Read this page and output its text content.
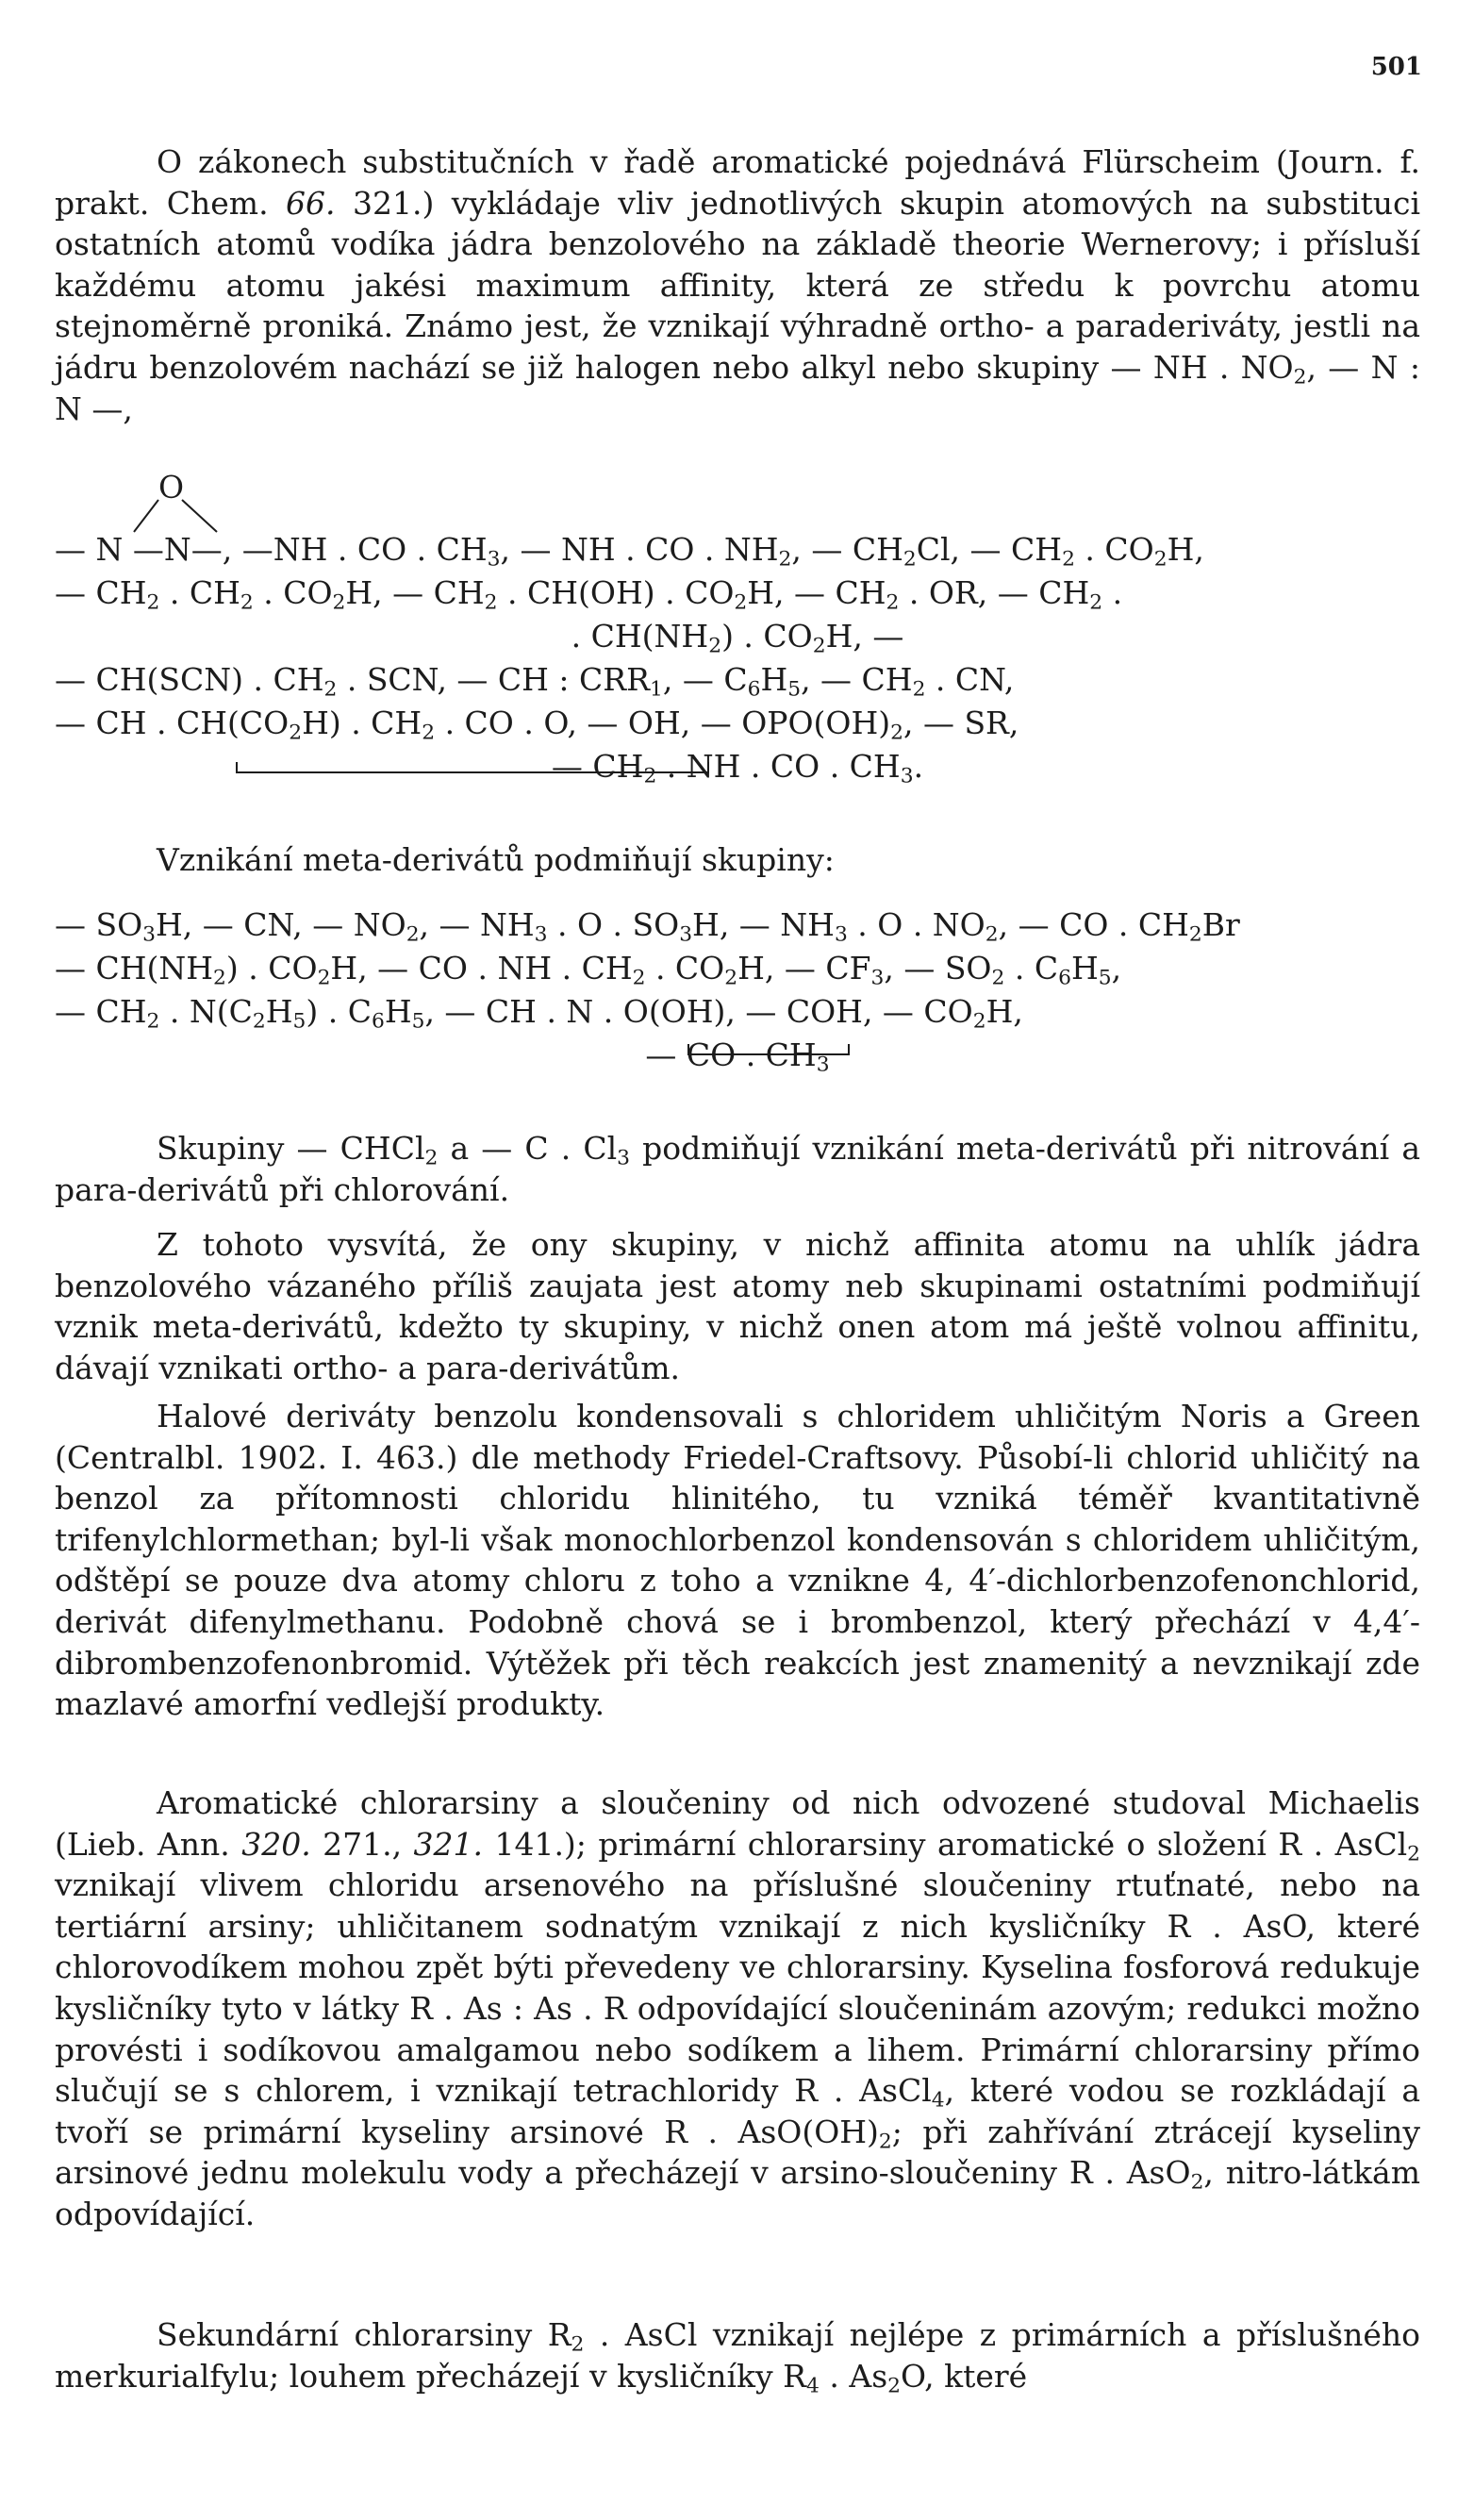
501

O zákonech substitučních v řadě aromatické pojednává Flürscheim (Journ. f. prakt. Chem. 66. 321.) vykládaje vliv jednotlivých skupin atomových na substituci ostatních atomů vodíka jádra benzolového na základě theorie Wernerovy; i přísluší každému atomu jakési maximum affinity, která ze středu k povrchu atomu stejnoměrně proniká. Známo jest, že vznikají výhradně ortho- a paraderiváty, jestli na jádru benzolovém nachází se již halogen nebo alkyl nebo skupiny — NH . $NO_2$, — N : N —,

O
— N —N—, —NH . CO . $CH_3$, — NH . CO . $NH_2$, — $CH_2Cl$, — $CH_2$ . $CO_2H$,
— $CH_2$ . $CH_2$ . $CO_2H$, — $CH_2$ . CH(OH) . $CO_2H$, — $CH_2$ . OR, — $CH_2$ .
. $CH(NH_2)$ . $CO_2H$, —
— CH(SCN) . $CH_2$ . SCN, — CH : $CRR_1$, — $C_6H_5$, — $CH_2$ . CN,
— CH . $CH(CO_2H)$ . $CH_2$ . CO . O, — OH, — $OPO(OH)_2$, — SR,
— $CH_2$ . NH . CO . $CH_3$.

Vznikání meta-derivátů podmiňují skupiny:

— $SO_3H$, — CN, — $NO_2$, — $NH_3$ . O . $SO_3H$, — $NH_3$ . O . $NO_2$, — CO . $CH_2Br$
— $CH(NH_2)$ . $CO_2H$, — CO . NH . $CH_2$ . $CO_2H$, — $CF_3$, — $SO_2$ . $C_6H_5$,
— $CH_2$ . $N(C_2H_5)$ . $C_6H_5$, — CH . N . O(OH), — COH, — $CO_2H$,
— CO . $CH_3$

Skupiny — CHCl$_2$ a — C . $Cl_3$ podmiňují vznikání meta-derivátů při nitrování a para-derivátů při chlorování.

Z tohoto vysvítá, že ony skupiny, v nichž affinita atomu na uhlík jádra benzolového vázaného příliš zaujata jest atomy neb skupinami ostatními podmiňují vznik meta-derivátů, kdežto ty skupiny, v nichž onen atom má ještě volnou affinitu, dávají vznikati ortho- a para-derivátům.

Halové deriváty benzolu kondensovali s chloridem uhličitým Noris a Green (Centralbl. 1902. I. 463.) dle methody Friedel-Craftsovy. Působí-li chlorid uhličitý na benzol za přítomnosti chloridu hlinitého, tu vzniká téměř kvantitativně trifenylchlormethan; byl-li však monochlorbenzol kondensován s chloridem uhličitým, odštěpí se pouze dva atomy chloru z toho a vznikne 4, 4′-dichlorbenzofenonchlorid, derivát difenylmethanu. Podobně chová se i brombenzol, který přechází v 4,4′-dibrombenzofenonbromid. Výtěžek při těch reakcích jest znamenitý a nevznikají zde mazlavé amorfní vedlejší produkty.

Aromatické chlorarsiny a sloučeniny od nich odvozené studoval Michaelis (Lieb. Ann. 320. 271., 321. 141.); primární chlorarsiny aromatické o složení R . AsCl$_2$ vznikají vlivem chloridu arsenového na příslušné sloučeniny rtuťnaté, nebo na tertiární arsiny; uhličitanem sodnatým vznikají z nich kysličníky R . AsO, které chlorovodíkem mohou zpět býti převedeny ve chlorarsiny. Kyselina fosforová redukuje kysličníky tyto v látky R . As : As . R odpovídající sloučeninám azovým; redukci možno provésti i sodíkovou amalgamou nebo sodíkem a lihem. Primární chlorarsiny přímo slučují se s chlorem, i vznikají tetrachloridy R . AsCl$_4$, které vodou se rozkládají a tvoří se primární kyseliny arsinové R . $AsO(OH)_2$; při zahřívání ztrácejí kyseliny arsinové jednu molekulu vody a přecházejí v arsino-sloučeniny R . AsO$_2$, nitro-látkám odpovídající.

Sekundární chlorarsiny $R_2$ . AsCl vznikají nejlépe z primárních a příslušného merkurialfylu; louhem přecházejí v kysličníky $R_4$ . $As_2O$, které
